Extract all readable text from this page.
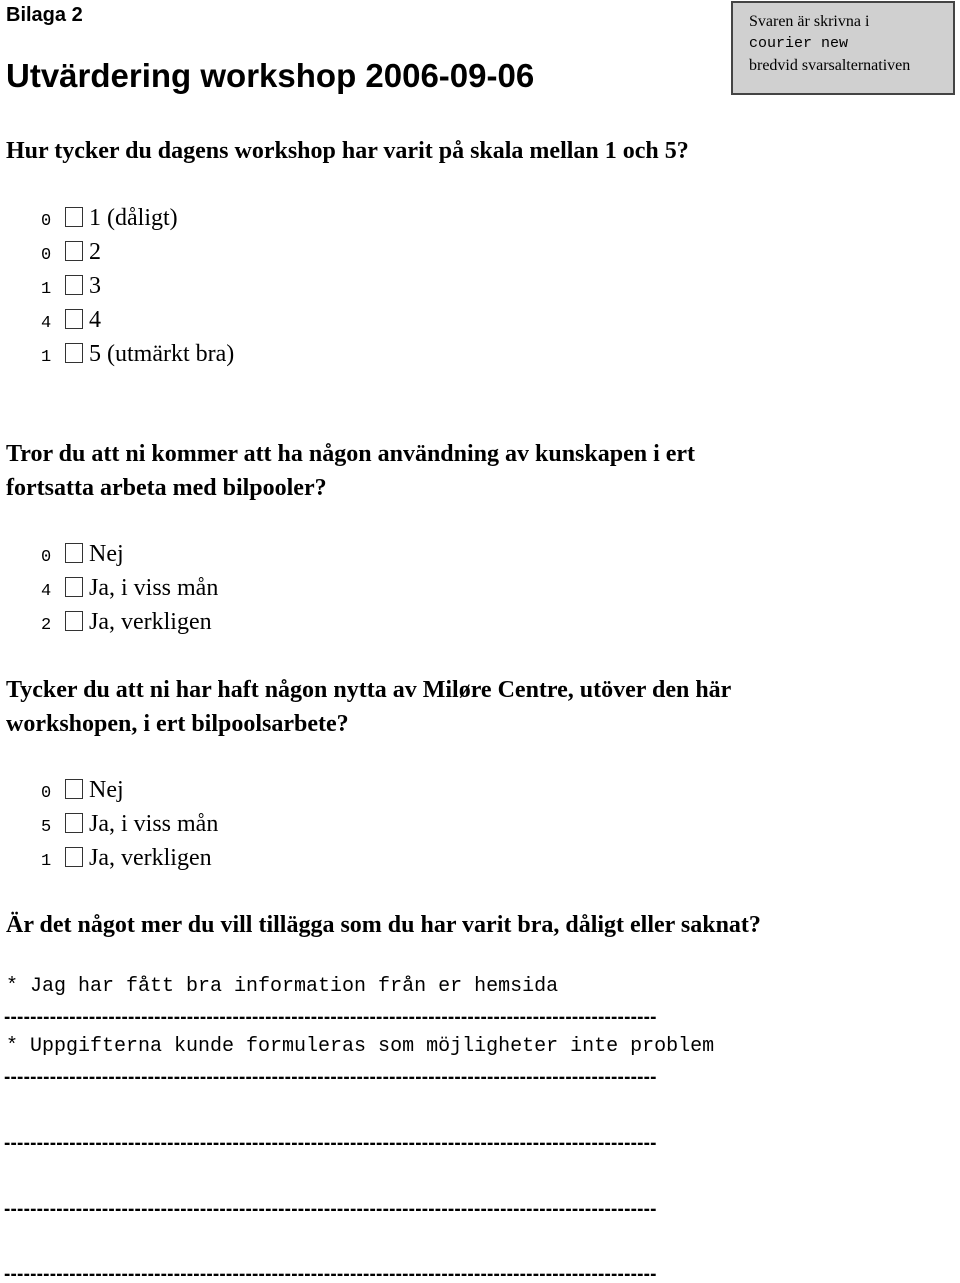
Bilaga 2

Utvärdering workshop 2006-09-06
Svaren är skrivna i
courier new
bredvid svarsalternativen

Hur tycker du dagens workshop har varit på skala mellan 1 och 5?

0 1 (dåligt)
0 2
1 3
4 4
1 5 (utmärkt bra)

Tror du att ni kommer att ha någon användning av kunskapen i ert

fortsatta arbeta med bilpooler?

0 Nej
4 Ja, i viss mån
2 Ja, verkligen

Tycker du att ni har haft någon nytta av Miløre Centre, utöver den här

workshopen, i ert bilpoolsarbete?

0 Nej
5 Ja, i viss mån
1 Ja, verkligen

Är det något mer du vill tillägga som du har varit bra, dåligt eller saknat?

* Jag har fått bra information från er hemsida

----------------------------------------------------------------------------------------------------

* Uppgifterna kunde formuleras som möjligheter inte problem

----------------------------------------------------------------------------------------------------

----------------------------------------------------------------------------------------------------

----------------------------------------------------------------------------------------------------

----------------------------------------------------------------------------------------------------
